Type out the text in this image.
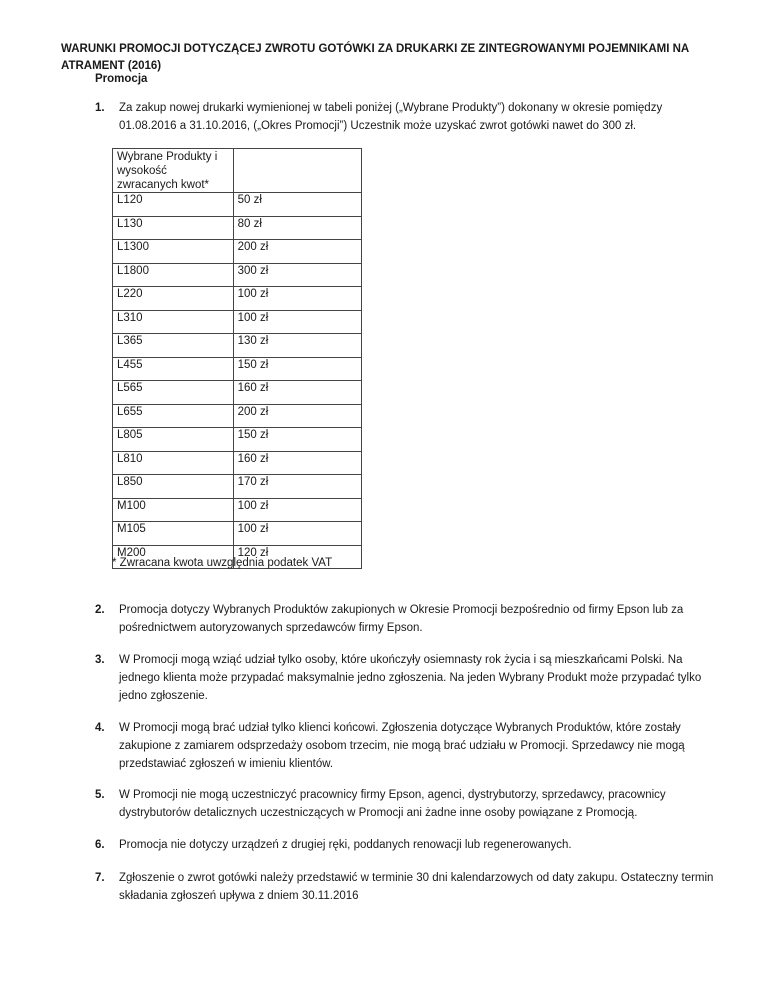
WARUNKI PROMOCJI DOTYCZĄCEJ ZWROTU GOTÓWKI ZA DRUKARKI ZE ZINTEGROWANYMI POJEMNIKAMI NA ATRAMENT (2016)
Promocja
1. Za zakup nowej drukarki wymienionej w tabeli poniżej („Wybrane Produkty”) dokonany w okresie pomiędzy 01.08.2016 a 31.10.2016, („Okres Promocji”) Uczestnik może uzyskać zwrot gotówki nawet do 300 zł.
Wybrane Produkty i wysokość zwracanych kwot*	
L120	50 zł
L130	80 zł
L1300	200 zł
L1800	300 zł
L220	100 zł
L310	100 zł
L365	130 zł
L455	150 zł
L565	160 zł
L655	200 zł
L805	150 zł
L810	160 zł
L850	170 zł
M100	100 zł
M105	100 zł
M200	120 zł
* Zwracana kwota uwzględnia podatek VAT
2. Promocja dotyczy Wybranych Produktów zakupionych w Okresie Promocji bezpośrednio od firmy Epson lub za pośrednictwem autoryzowanych sprzedawców firmy Epson.
3. W Promocji mogą wziąć udział tylko osoby, które ukończyły osiemnasty rok życia i są mieszkańcami Polski. Na jednego klienta może przypadać maksymalnie jedno zgłoszenia. Na jeden Wybrany Produkt może przypadać tylko jedno zgłoszenie.
4. W Promocji mogą brać udział tylko klienci końcowi. Zgłoszenia dotyczące Wybranych Produktów, które zostały zakupione z zamiarem odsprzedaży osobom trzecim, nie mogą brać udziału w Promocji. Sprzedawcy nie mogą przedstawiać zgłoszeń w imieniu klientów.
5. W Promocji nie mogą uczestniczyć pracownicy firmy Epson, agenci, dystrybutorzy, sprzedawcy, pracownicy dystrybutorów detalicznych uczestniczących w Promocji ani żadne inne osoby powiązane z Promocją.
6. Promocja nie dotyczy urządzeń z drugiej ręki, poddanych renowacji lub regenerowanych.
7. Zgłoszenie o zwrot gotówki należy przedstawić w terminie 30 dni kalendarzowych od daty zakupu. Ostateczny termin składania zgłoszeń upływa z dniem 30.11.2016
